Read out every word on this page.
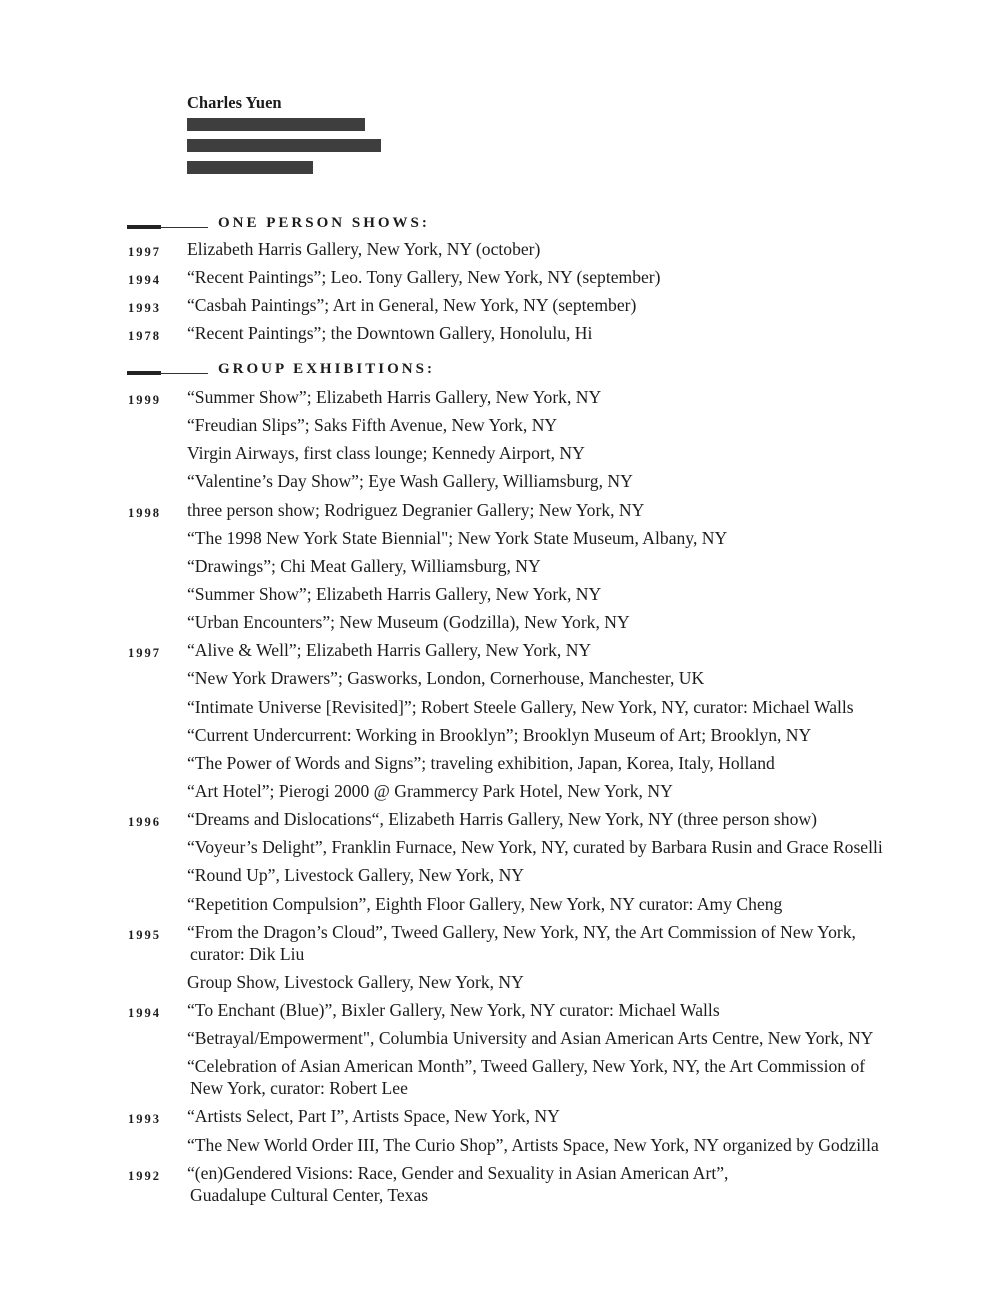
Charles Yuen
ONE PERSON SHOWS:
1997 Elizabeth Harris Gallery, New York, NY (october)
1994 “Recent Paintings”; Leo. Tony Gallery, New York, NY (september)
1993 “Casbah Paintings”; Art in General, New York, NY (september)
1978 “Recent Paintings”; the Downtown Gallery, Honolulu, Hi
GROUP EXHIBITIONS:
1999 “Summer Show”; Elizabeth Harris Gallery, New York, NY
“Freudian Slips”; Saks Fifth Avenue, New York, NY
Virgin Airways, first class lounge; Kennedy Airport, NY
“Valentine’s Day Show”; Eye Wash Gallery, Williamsburg, NY
1998 three person show; Rodriguez Degranier Gallery; New York, NY
“The 1998 New York State Biennial"; New York State Museum, Albany, NY
“Drawings”; Chi Meat Gallery, Williamsburg, NY
“Summer Show”; Elizabeth Harris Gallery, New York, NY
“Urban Encounters”; New Museum (Godzilla), New York, NY
1997 “Alive & Well”; Elizabeth Harris Gallery, New York, NY
“New York Drawers”; Gasworks, London, Cornerhouse, Manchester, UK
“Intimate Universe [Revisited]”; Robert Steele Gallery, New York, NY, curator: Michael Walls
“Current Undercurrent: Working in Brooklyn”; Brooklyn Museum of Art; Brooklyn, NY
“The Power of Words and Signs”; traveling exhibition, Japan, Korea, Italy, Holland
“Art Hotel”; Pierogi 2000 @ Grammercy Park Hotel, New York, NY
1996 “Dreams and Dislocations“, Elizabeth Harris Gallery, New York, NY (three person show)
“Voyeur’s Delight”, Franklin Furnace, New York, NY, curated by Barbara Rusin and Grace Roselli
“Round Up”, Livestock Gallery, New York, NY
“Repetition Compulsion”, Eighth Floor Gallery, New York, NY curator: Amy Cheng
1995 “From the Dragon’s Cloud”, Tweed Gallery, New York, NY, the Art Commission of New York,
curator: Dik Liu
Group Show, Livestock Gallery, New York, NY
1994 “To Enchant (Blue)”, Bixler Gallery, New York, NY curator: Michael Walls
“Betrayal/Empowerment", Columbia University and Asian American Arts Centre, New York, NY
“Celebration of Asian American Month”, Tweed Gallery, New York, NY, the Art Commission of
New York, curator: Robert Lee
1993 “Artists Select, Part I”, Artists Space, New York, NY
“The New World Order III, The Curio Shop”, Artists Space, New York, NY organized by Godzilla
1992 “(en)Gendered Visions: Race, Gender and Sexuality in Asian American Art”,
Guadalupe Cultural Center, Texas
